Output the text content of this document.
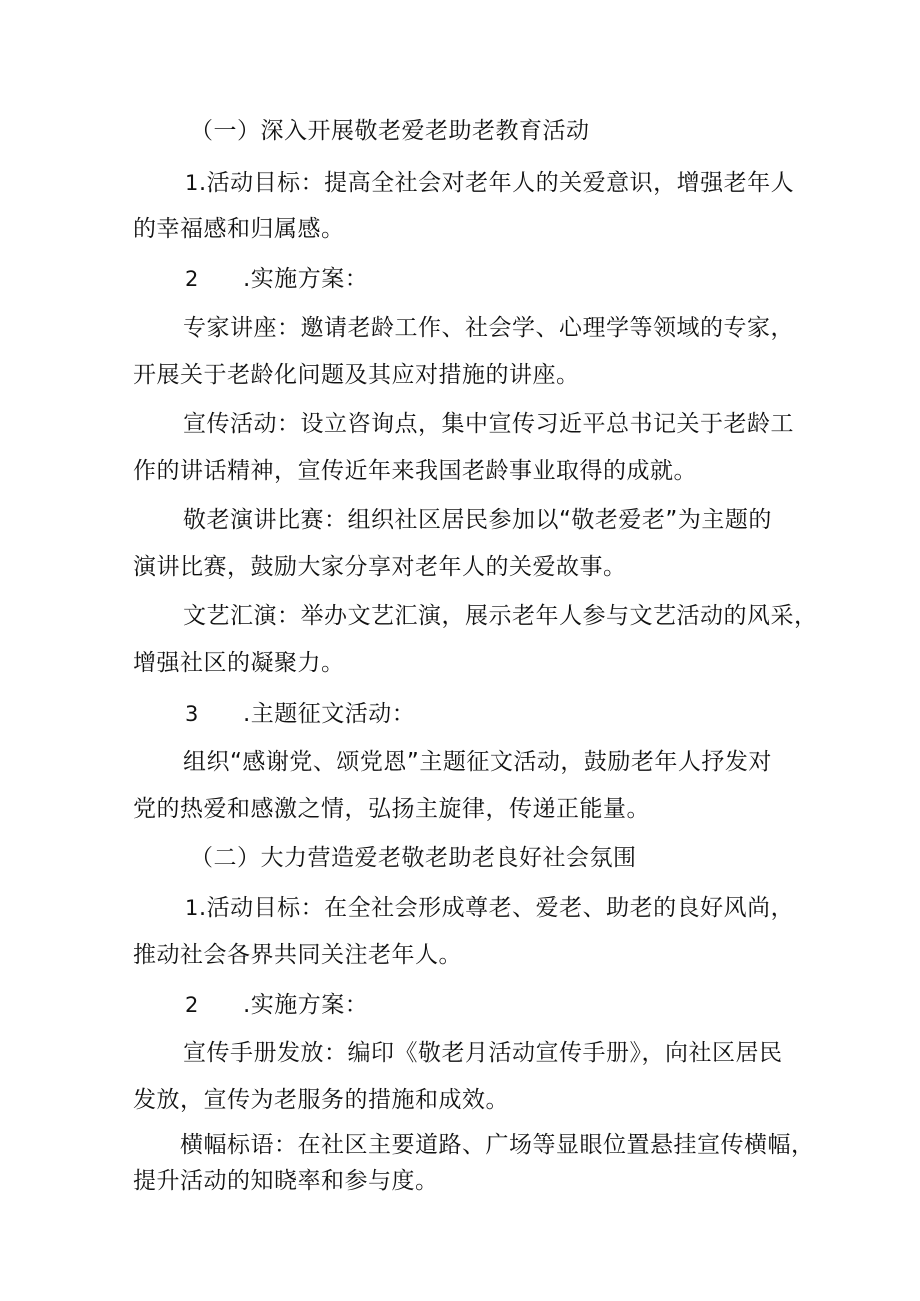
（一）深入开展敬老爱老助老教育活动
1.活动目标：提高全社会对老年人的关爱意识，增强老年人
的幸福感和归属感。
2 .实施方案：
专家讲座：邀请老龄工作、社会学、心理学等领域的专家，
开展关于老龄化问题及其应对措施的讲座。
宣传活动：设立咨询点，集中宣传习近平总书记关于老龄工
作的讲话精神，宣传近年来我国老龄事业取得的成就。
敬老演讲比赛：组织社区居民参加以“敬老爱老”为主题的
演讲比赛，鼓励大家分享对老年人的关爱故事。
文艺汇演：举办文艺汇演，展示老年人参与文艺活动的风采，
增强社区的凝聚力。
3 .主题征文活动：
组织“感谢党、颂党恩”主题征文活动，鼓励老年人抒发对
党的热爱和感激之情，弘扬主旋律，传递正能量。
（二）大力营造爱老敬老助老良好社会氛围
1.活动目标：在全社会形成尊老、爱老、助老的良好风尚，
推动社会各界共同关注老年人。
2 .实施方案：
宣传手册发放：编印《敬老月活动宣传手册》，向社区居民
发放，宣传为老服务的措施和成效。
横幅标语：在社区主要道路、广场等显眼位置悬挂宣传横幅，
提升活动的知晓率和参与度。
